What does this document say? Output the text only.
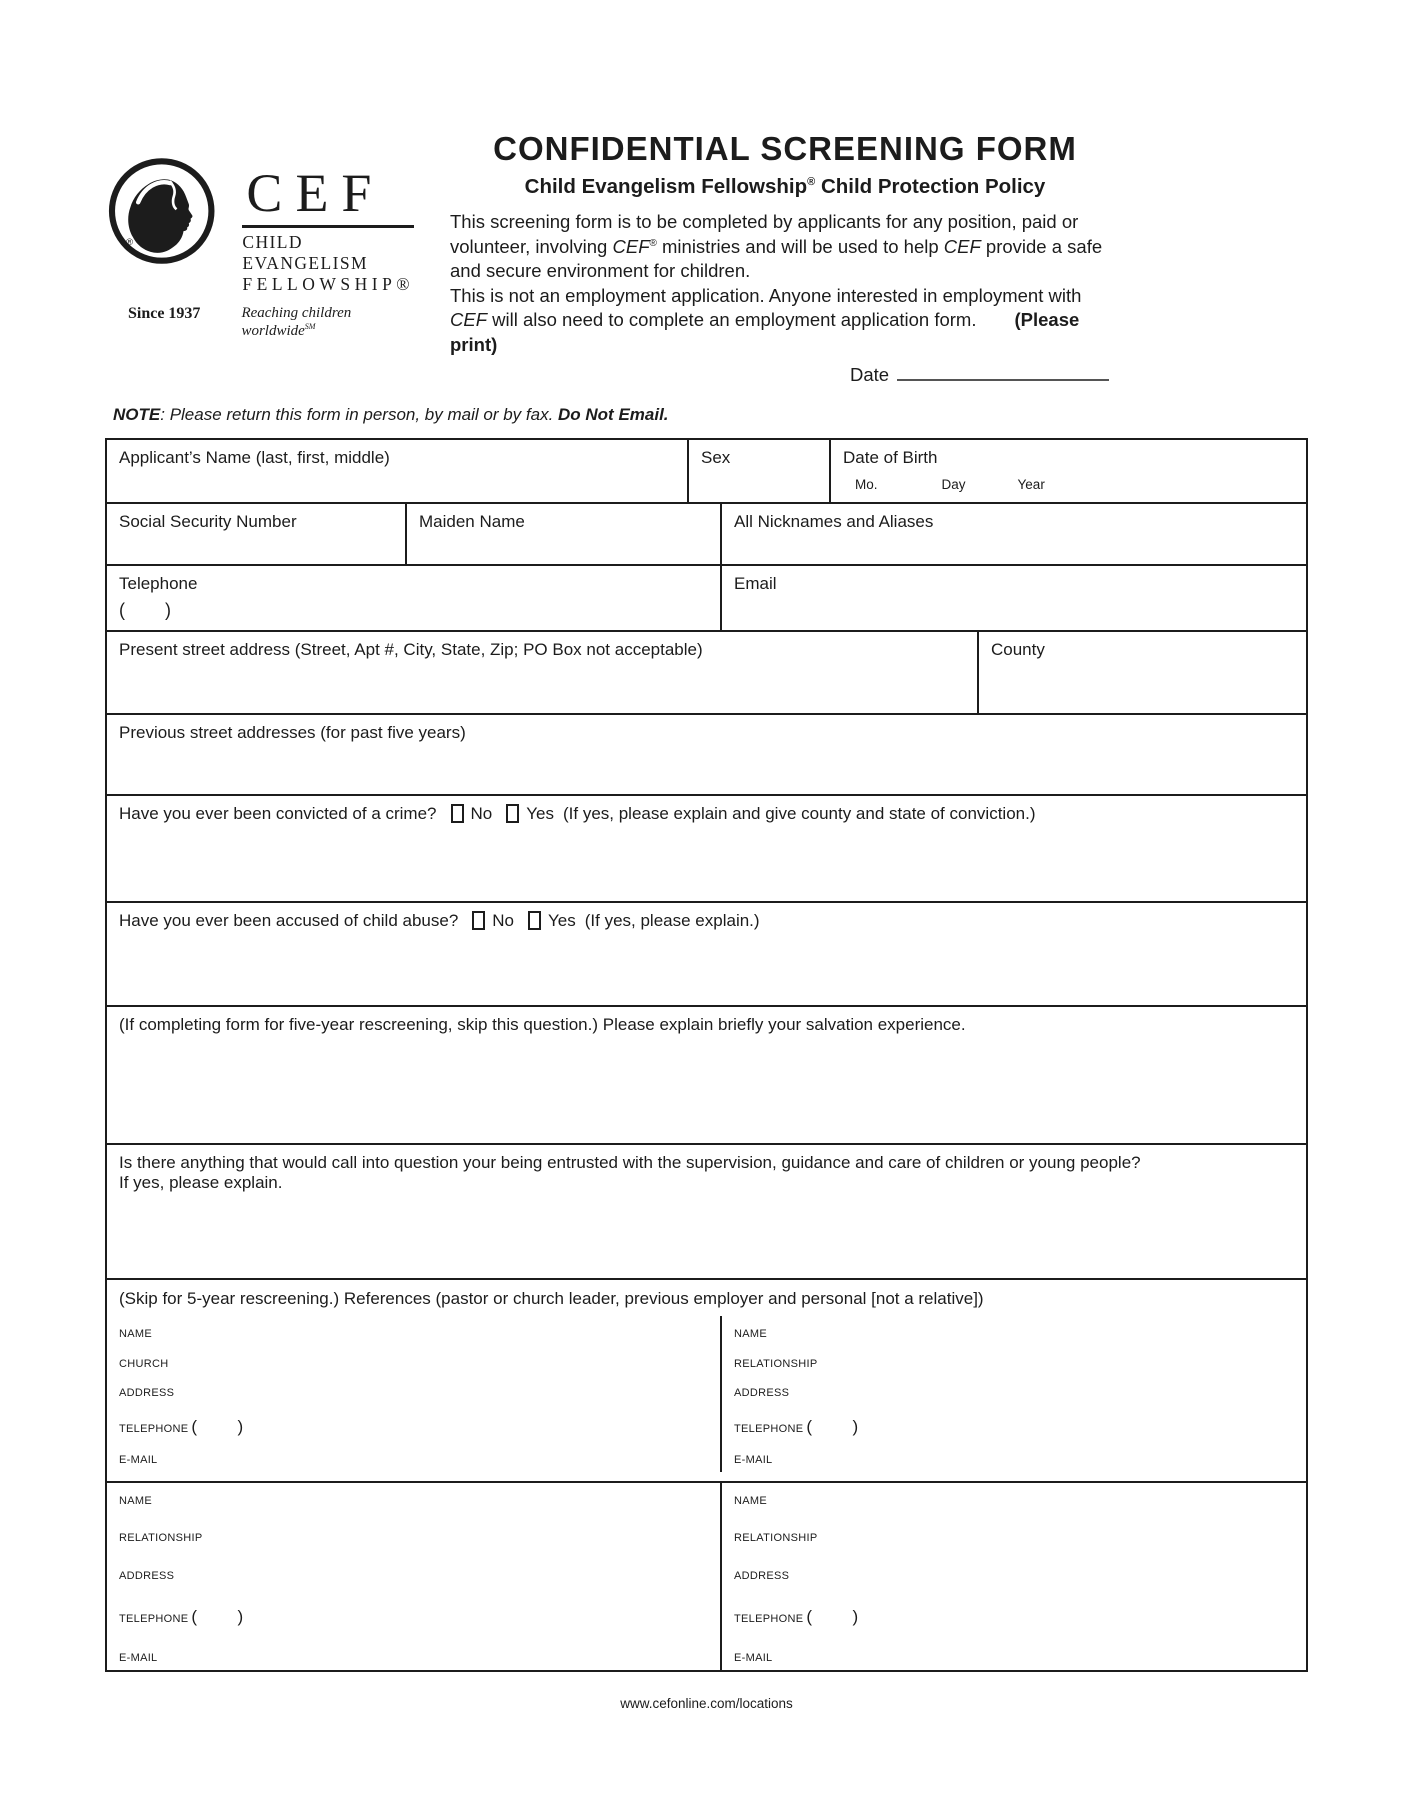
®
CEF
CHILD EVANGELISM
FELLOWSHIP®
Since 1937	Reaching children worldwide℠
CONFIDENTIAL SCREENING FORM
Child Evangelism Fellowship® Child Protection Policy
This screening form is to be completed by applicants for any position, paid or volunteer, involving CEF® ministries and will be used to help CEF provide a safe and secure environment for children.
This is not an employment application. Anyone interested in employment with CEF will also need to complete an employment application form. (Please print)
Date
NOTE: Please return this form in person, by mail or by fax. Do Not Email.
Applicant’s Name (last, first, middle)	Sex	Date of Birth
Mo.	Day	Year
Social Security Number	Maiden Name	All Nicknames and Aliases
Telephone
(        )
Email
Present street address (Street, Apt #, City, State, Zip; PO Box not acceptable)	County
Previous street addresses (for past five years)
Have you ever been convicted of a crime? No Yes (If yes, please explain and give county and state of conviction.)
Have you ever been accused of child abuse? No Yes (If yes, please explain.)
(If completing form for five-year rescreening, skip this question.) Please explain briefly your salvation experience.
Is there anything that would call into question your being entrusted with the supervision, guidance and care of children or young people?
If yes, please explain.
(Skip for 5-year rescreening.) References (pastor or church leader, previous employer and personal [not a relative])
NAME
CHURCH
ADDRESS
TELEPHONE (        )
E-MAIL
NAME
RELATIONSHIP
ADDRESS
TELEPHONE (        )
E-MAIL
NAME
RELATIONSHIP
ADDRESS
TELEPHONE (        )
E-MAIL
NAME
RELATIONSHIP
ADDRESS
TELEPHONE (        )
E-MAIL
www.cefonline.com/locations
